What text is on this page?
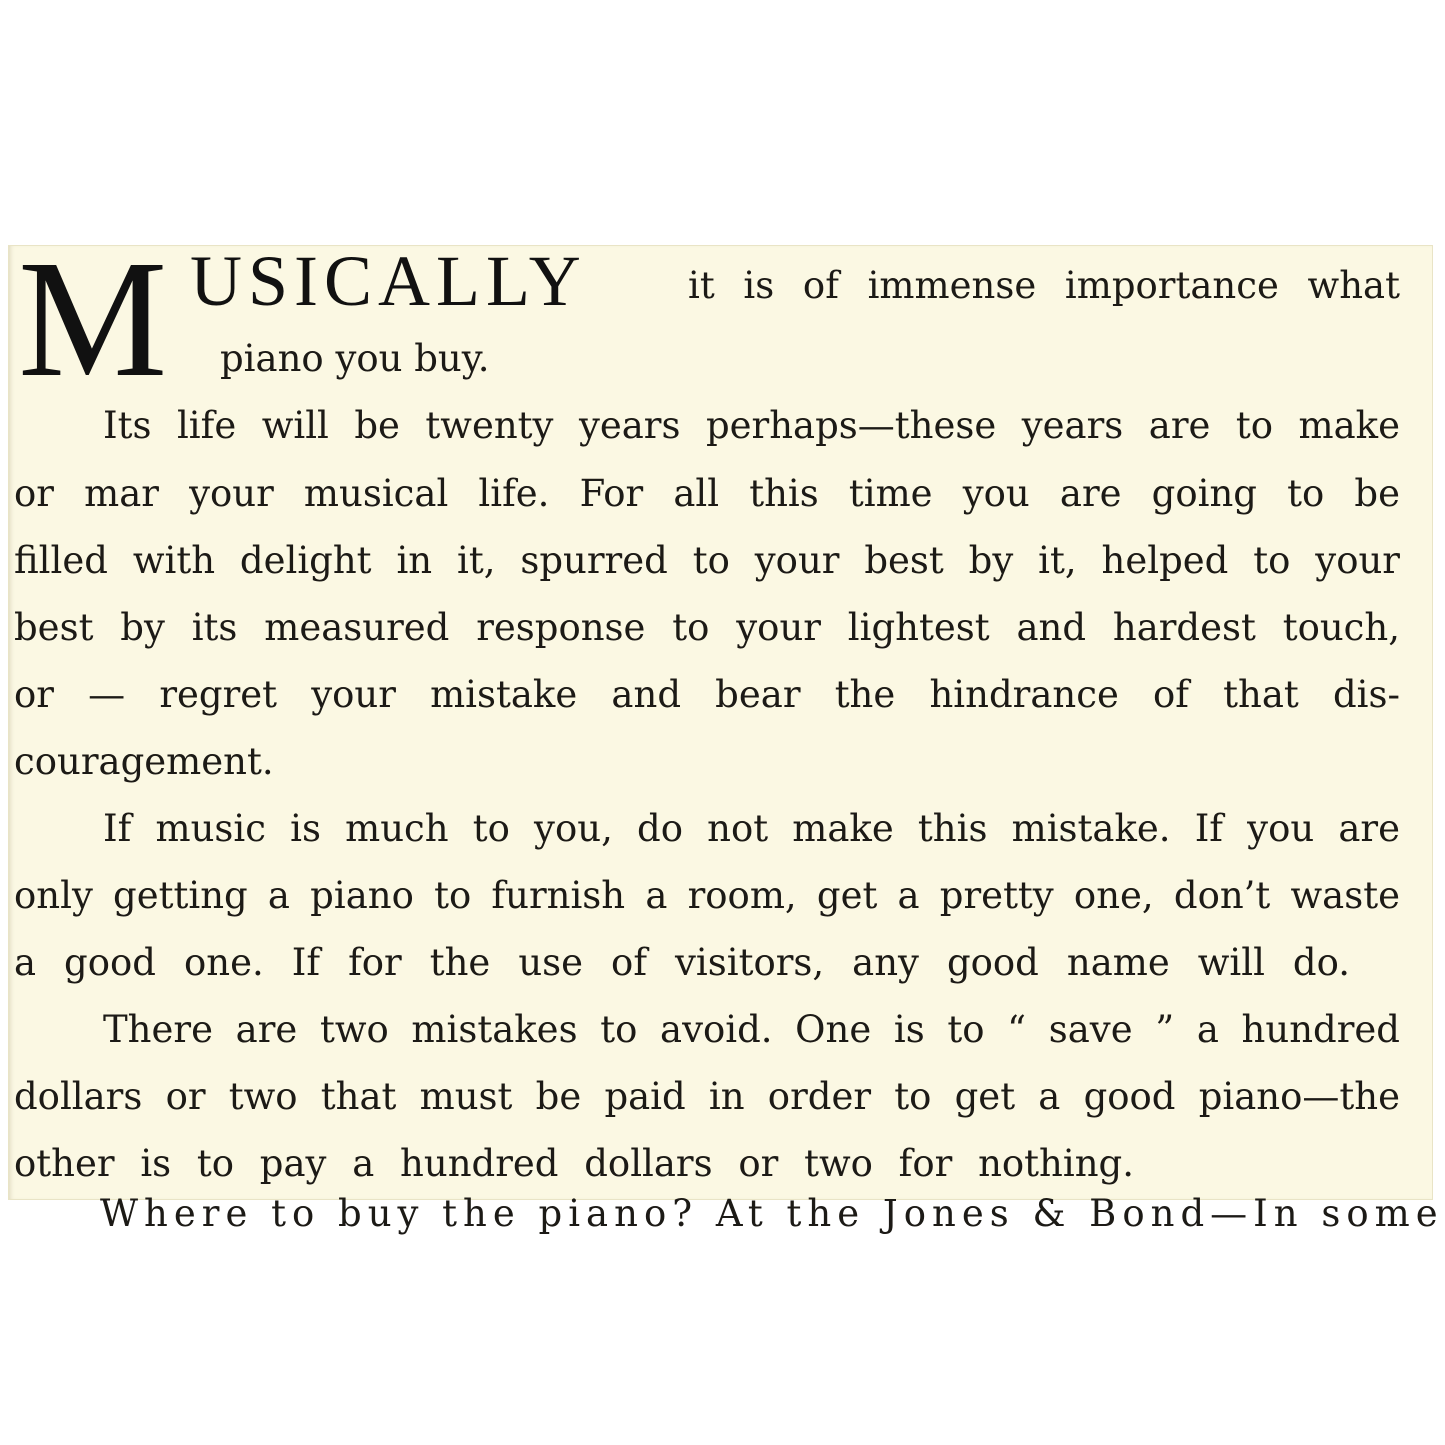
M USICALLY	it is of immense importance what
piano you buy.
Its life will be twenty years perhaps—these years are to make
or mar your musical life. For all this time you are going to be
filled with delight in it, spurred to your best by it, helped to your
best by its measured response to your lightest and hardest touch,
or — regret your mistake and bear the hindrance of that dis-
couragement.
If music is much to you, do not make this mistake. If you are
only getting a piano to furnish a room, get a pretty one, don’t waste
a good one. If for the use of visitors, any good name will do.
There are two mistakes to avoid. One is to “ save ” a hundred
dollars or two that must be paid in order to get a good piano—the
other is to pay a hundred dollars or two for nothing.
Where to buy the piano? At the Jones & Bond—In some
